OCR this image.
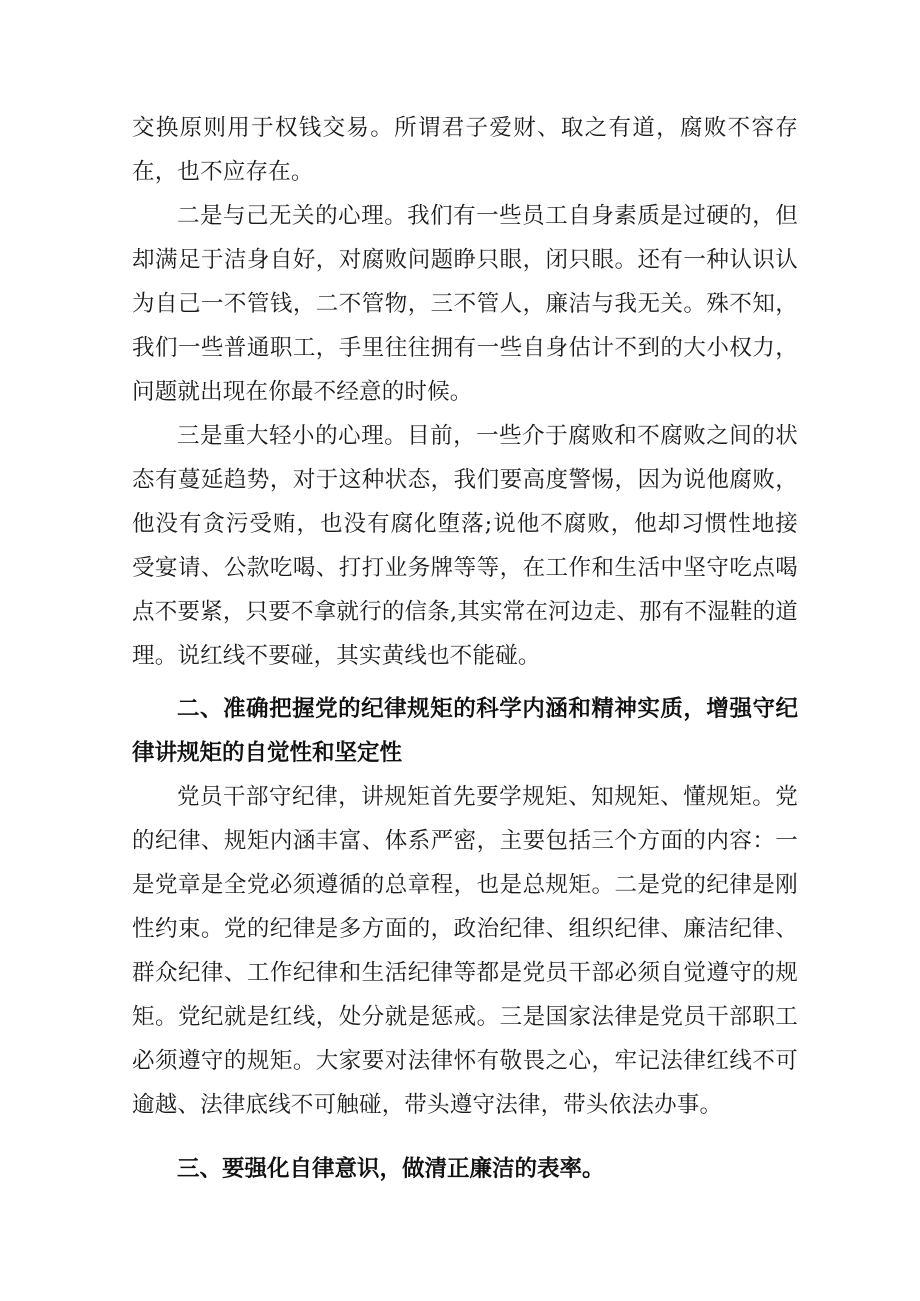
交换原则用于权钱交易。所谓君子爱财、取之有道，腐败不容存在，也不应存在。

二是与己无关的心理。我们有一些员工自身素质是过硬的，但却满足于洁身自好，对腐败问题睁只眼，闭只眼。还有一种认识认为自己一不管钱，二不管物，三不管人，廉洁与我无关。殊不知，我们一些普通职工，手里往往拥有一些自身估计不到的大小权力，问题就出现在你最不经意的时候。

三是重大轻小的心理。目前，一些介于腐败和不腐败之间的状态有蔓延趋势，对于这种状态，我们要高度警惕，因为说他腐败，他没有贪污受贿，也没有腐化堕落;说他不腐败，他却习惯性地接受宴请、公款吃喝、打打业务牌等等，在工作和生活中坚守吃点喝点不要紧，只要不拿就行的信条,其实常在河边走、那有不湿鞋的道理。说红线不要碰，其实黄线也不能碰。

二、准确把握党的纪律规矩的科学内涵和精神实质，增强守纪律讲规矩的自觉性和坚定性

党员干部守纪律，讲规矩首先要学规矩、知规矩、懂规矩。党的纪律、规矩内涵丰富、体系严密，主要包括三个方面的内容：一是党章是全党必须遵循的总章程，也是总规矩。二是党的纪律是刚性约束。党的纪律是多方面的，政治纪律、组织纪律、廉洁纪律、群众纪律、工作纪律和生活纪律等都是党员干部必须自觉遵守的规矩。党纪就是红线，处分就是惩戒。三是国家法律是党员干部职工必须遵守的规矩。大家要对法律怀有敬畏之心，牢记法律红线不可逾越、法律底线不可触碰，带头遵守法律，带头依法办事。

三、要强化自律意识，做清正廉洁的表率。
